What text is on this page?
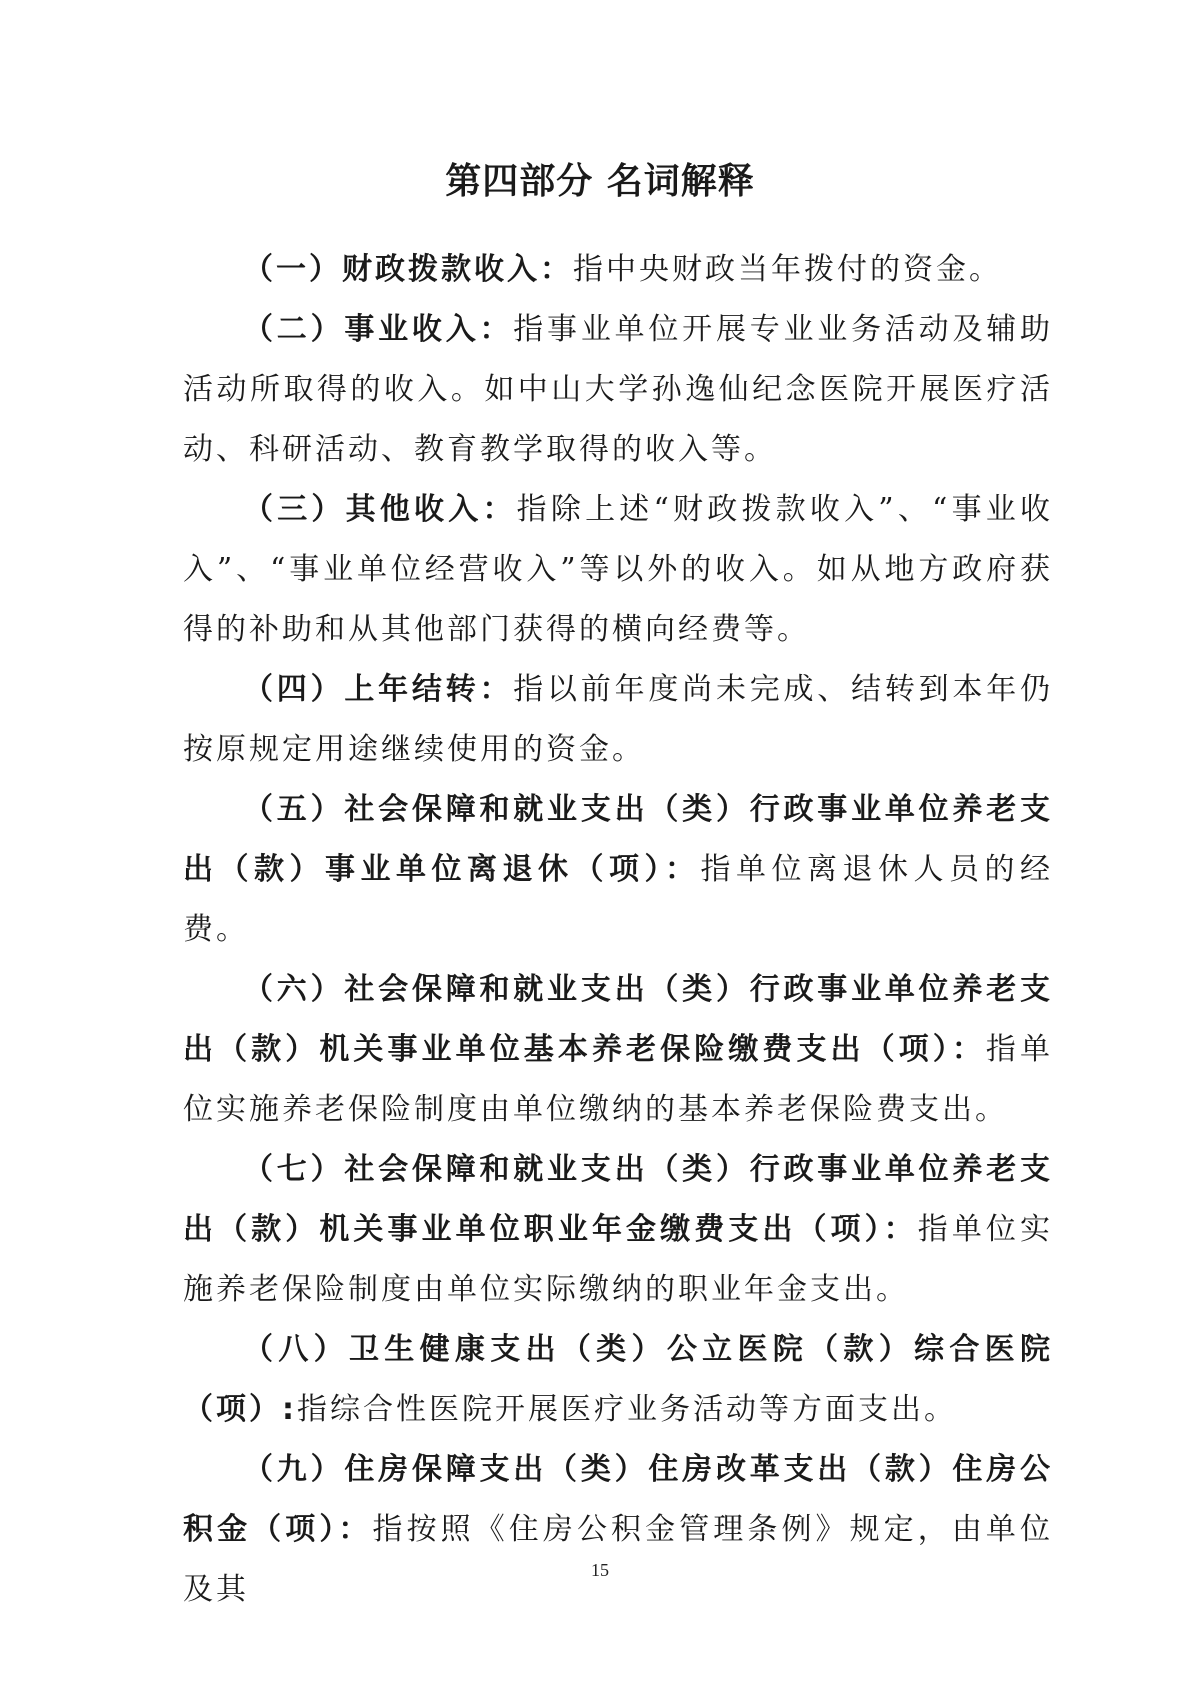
第四部分 名词解释

（一）财政拨款收入：指中央财政当年拨付的资金。

（二）事业收入：指事业单位开展专业业务活动及辅助活动所取得的收入。如中山大学孙逸仙纪念医院开展医疗活动、科研活动、教育教学取得的收入等。

（三）其他收入：指除上述“财政拨款收入”、“事业收入”、“事业单位经营收入”等以外的收入。如从地方政府获得的补助和从其他部门获得的横向经费等。

（四）上年结转：指以前年度尚未完成、结转到本年仍按原规定用途继续使用的资金。

（五）社会保障和就业支出（类）行政事业单位养老支出（款）事业单位离退休（项）：指单位离退休人员的经费。

（六）社会保障和就业支出（类）行政事业单位养老支出（款）机关事业单位基本养老保险缴费支出（项）：指单位实施养老保险制度由单位缴纳的基本养老保险费支出。

（七）社会保障和就业支出（类）行政事业单位养老支出（款）机关事业单位职业年金缴费支出（项）：指单位实施养老保险制度由单位实际缴纳的职业年金支出。

（八）卫生健康支出（类）公立医院（款）综合医院（项）:指综合性医院开展医疗业务活动等方面支出。

（九）住房保障支出（类）住房改革支出（款）住房公积金（项）：指按照《住房公积金管理条例》规定，由单位及其

15
